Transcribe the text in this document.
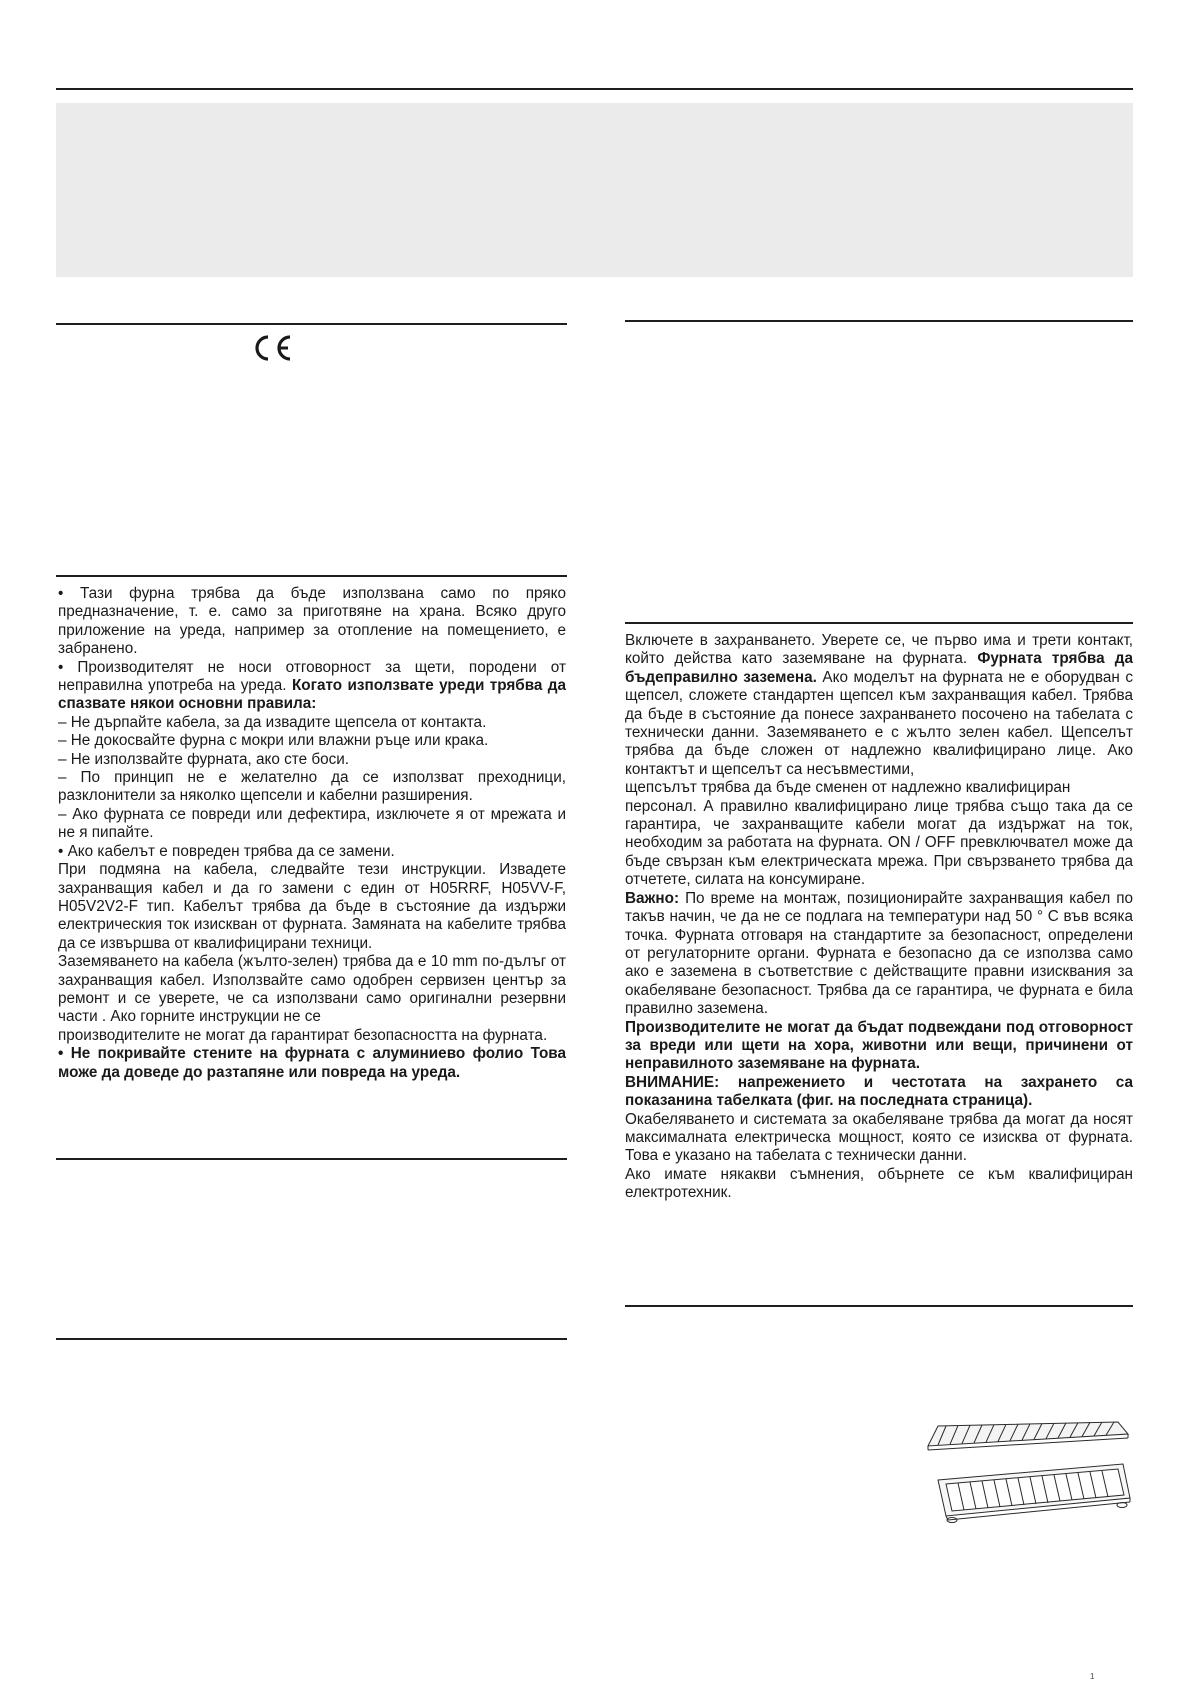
• Тази фурна трябва да бъде използвана само по пряко предназначение, т. е. само за приготвяне на храна. Всяко друго приложение на уреда, например за отопление на помещението, е забранено.

• Производителят не носи отговорност за щети, породени от неправилна употреба на уреда. Когато използвате уреди трябва да спазвате някои основни правила:

– Не дърпайте кабела, за да извадите щепсела от контакта.

– Не докосвайте фурна с мокри или влажни ръце или крака.

– Не използвайте фурната, ако сте боси.

– По принцип не е желателно да се използват преходници, разклонители за няколко щепсели и кабелни разширения.

– Ако фурната се повреди или дефектира, изключете я от мрежата и не я пипайте.

• Ако кабелът е повреден трябва да се замени.

При подмяна на кабела, следвайте тези инструкции. Извадете захранващия кабел и да го замени с един от H05RRF, H05VV-F, H05V2V2-F тип. Кабелът трябва да бъде в състояние да издържи електрическия ток изискван от фурната. Замяната на кабелите трябва да се извършва от квалифицирани техници.

Заземяването на кабела (жълто-зелен) трябва да е 10 mm по-дълъг от захранващия кабел. Използвайте само одобрен сервизен център за ремонт и се уверете, че са използвани само оригинални резервни части . Ако горните инструкции не се

производителите не могат да гарантират безопасността на фурната.

• Не покривайте стените на фурната с алуминиево фолио Това може да доведе до разтапяне или повреда на уреда.

Включете в захранването. Уверете се, че първо има и трети контакт, който действа като заземяване на фурната. Фурната трябва да бъдеправилно заземена. Ако моделът на фурната не е оборудван с щепсел, сложете стандартен щепсел към захранващия кабел. Трябва да бъде в състояние да понесе захранването посочено на табелата с технически данни. Заземяването е с жълто зелен кабел. Щепселът трябва да бъде сложен от надлежно квалифицирано лице. Ако контактът и щепселът са несъвместими,

щепсълът трябва да бъде сменен от надлежно квалифициран

персонал. А правилно квалифицирано лице трябва също така да се гарантира, че захранващите кабели могат да издържат на ток, необходим за работата на фурната. ON / OFF превключвател може да бъде свързан към електрическата мрежа. При свързването трябва да отчетете, силата на консумиране.

Важно: По време на монтаж, позиционирайте захранващия кабел по такъв начин, че да не се подлага на температури над 50 ° С във всяка точка. Фурната отговаря на стандартите за безопасност, определени от регулаторните органи. Фурната е безопасно да се използва само ако е заземена в съответствие с действащите правни изисквания за окабеляване безопасност. Трябва да се гарантира, че фурната е била правилно заземена.

Производителите не могат да бъдат подвеждани под отговорност за вреди или щети на хора, животни или вещи, причинени от неправилното заземяване на фурната.

ВНИМАНИЕ: напрежението и честотата на захрането са показанина табелката (фиг. на последната страница).

Окабеляването и системата за окабеляване трябва да могат да носят максималната електрическа мощност, която се изисква от фурната. Това е указано на табелата с технически данни.

Ако имате някакви съмнения, обърнете се към квалифициран електротехник.

1
